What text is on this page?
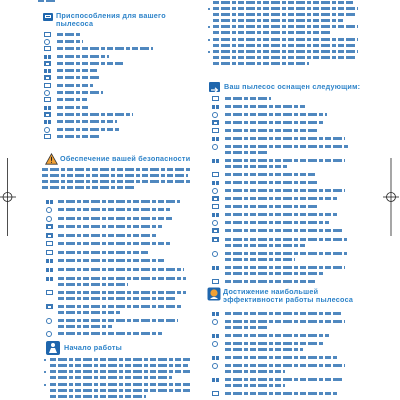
Приспособления для вашего
пылесоса
Обеспечение вашей безопасности
Начало работы
Ваш пылесос оснащен следующим:
Достижение наибольшей
эффективности работы пылесоса
